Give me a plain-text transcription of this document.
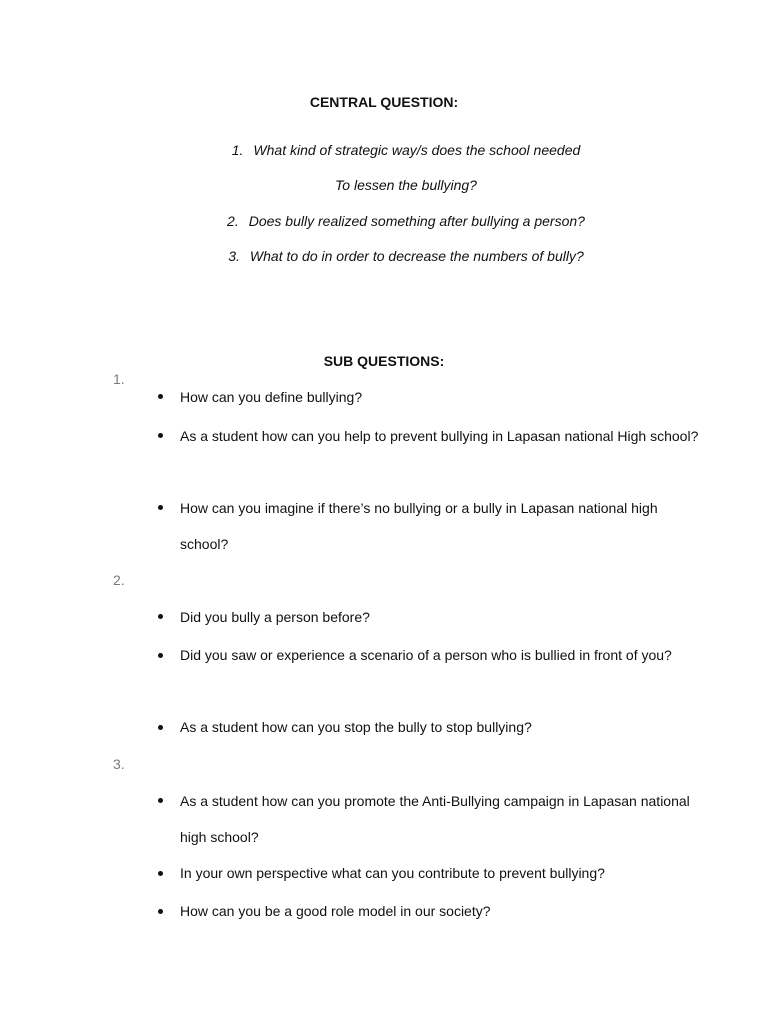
CENTRAL QUESTION:
1. What kind of strategic way/s does the school needed
To lessen the bullying?
2. Does bully realized something after bullying a person?
3. What to do in order to decrease the numbers of bully?
SUB QUESTIONS:
1.

How can you define bullying?

As a student how can you help to prevent bullying in Lapasan national High school?

How can you imagine if there’s no bullying or a bully in Lapasan national high school?

2.

Did you bully a person before?

Did you saw or experience a scenario of a person who is bullied in front of you?

As a student how can you stop the bully to stop bullying?

3.

As a student how can you promote the Anti-Bullying campaign in Lapasan national high school?

In your own perspective what can you contribute to prevent bullying?

How can you be a good role model in our society?
